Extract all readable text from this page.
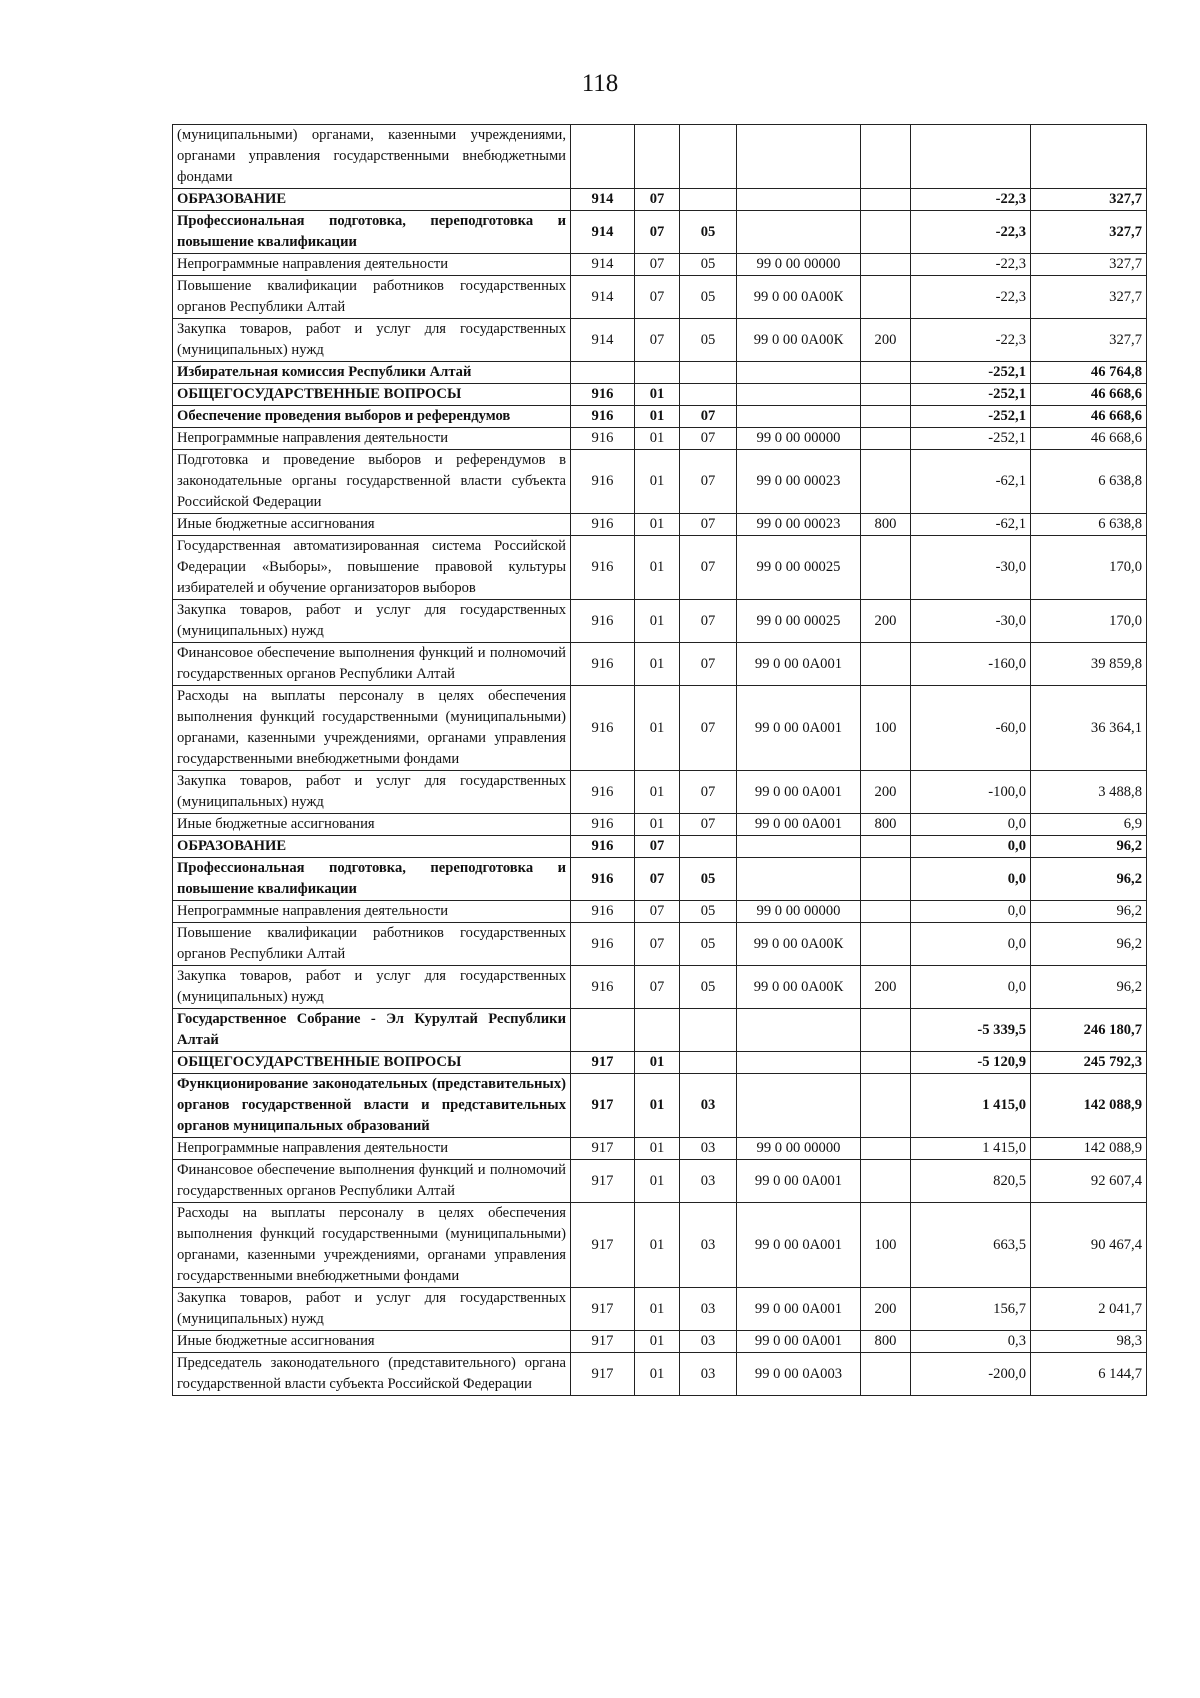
118
(муниципальными) органами, казенными учреждениями, органами управления государственными внебюджетными фондами							
ОБРАЗОВАНИЕ	914	07				-22,3	327,7
Профессиональная подготовка, переподготовка и повышение квалификации	914	07	05			-22,3	327,7
Непрограммные направления деятельности	914	07	05	99 0 00 00000		-22,3	327,7
Повышение квалификации работников государственных органов Республики Алтай	914	07	05	99 0 00 0А00К		-22,3	327,7
Закупка товаров, работ и услуг для государственных (муниципальных) нужд	914	07	05	99 0 00 0А00К	200	-22,3	327,7
Избирательная комиссия Республики Алтай						-252,1	46 764,8
ОБЩЕГОСУДАРСТВЕННЫЕ ВОПРОСЫ	916	01				-252,1	46 668,6
Обеспечение проведения выборов и референдумов	916	01	07			-252,1	46 668,6
Непрограммные направления деятельности	916	01	07	99 0 00 00000		-252,1	46 668,6
Подготовка и проведение выборов и референдумов в законодательные органы государственной власти субъекта Российской Федерации	916	01	07	99 0 00 00023		-62,1	6 638,8
Иные бюджетные ассигнования	916	01	07	99 0 00 00023	800	-62,1	6 638,8
Государственная автоматизированная система Российской Федерации «Выборы», повышение правовой культуры избирателей и обучение организаторов выборов	916	01	07	99 0 00 00025		-30,0	170,0
Закупка товаров, работ и услуг для государственных (муниципальных) нужд	916	01	07	99 0 00 00025	200	-30,0	170,0
Финансовое обеспечение выполнения функций и полномочий государственных органов Республики Алтай	916	01	07	99 0 00 0А001		-160,0	39 859,8
Расходы на выплаты персоналу в целях обеспечения выполнения функций государственными (муниципальными) органами, казенными учреждениями, органами управления государственными внебюджетными фондами	916	01	07	99 0 00 0А001	100	-60,0	36 364,1
Закупка товаров, работ и услуг для государственных (муниципальных) нужд	916	01	07	99 0 00 0А001	200	-100,0	3 488,8
Иные бюджетные ассигнования	916	01	07	99 0 00 0А001	800	0,0	6,9
ОБРАЗОВАНИЕ	916	07				0,0	96,2
Профессиональная подготовка, переподготовка и повышение квалификации	916	07	05			0,0	96,2
Непрограммные направления деятельности	916	07	05	99 0 00 00000		0,0	96,2
Повышение квалификации работников государственных органов Республики Алтай	916	07	05	99 0 00 0А00К		0,0	96,2
Закупка товаров, работ и услуг для государственных (муниципальных) нужд	916	07	05	99 0 00 0А00К	200	0,0	96,2
Государственное Собрание - Эл Курултай Республики Алтай						-5 339,5	246 180,7
ОБЩЕГОСУДАРСТВЕННЫЕ ВОПРОСЫ	917	01				-5 120,9	245 792,3
Функционирование законодательных (представительных) органов государственной власти и представительных органов муниципальных образований	917	01	03			1 415,0	142 088,9
Непрограммные направления деятельности	917	01	03	99 0 00 00000		1 415,0	142 088,9
Финансовое обеспечение выполнения функций и полномочий государственных органов Республики Алтай	917	01	03	99 0 00 0А001		820,5	92 607,4
Расходы на выплаты персоналу в целях обеспечения выполнения функций государственными (муниципальными) органами, казенными учреждениями, органами управления государственными внебюджетными фондами	917	01	03	99 0 00 0А001	100	663,5	90 467,4
Закупка товаров, работ и услуг для государственных (муниципальных) нужд	917	01	03	99 0 00 0А001	200	156,7	2 041,7
Иные бюджетные ассигнования	917	01	03	99 0 00 0А001	800	0,3	98,3
Председатель законодательного (представительного) органа государственной власти субъекта Российской Федерации	917	01	03	99 0 00 0А003		-200,0	6 144,7
